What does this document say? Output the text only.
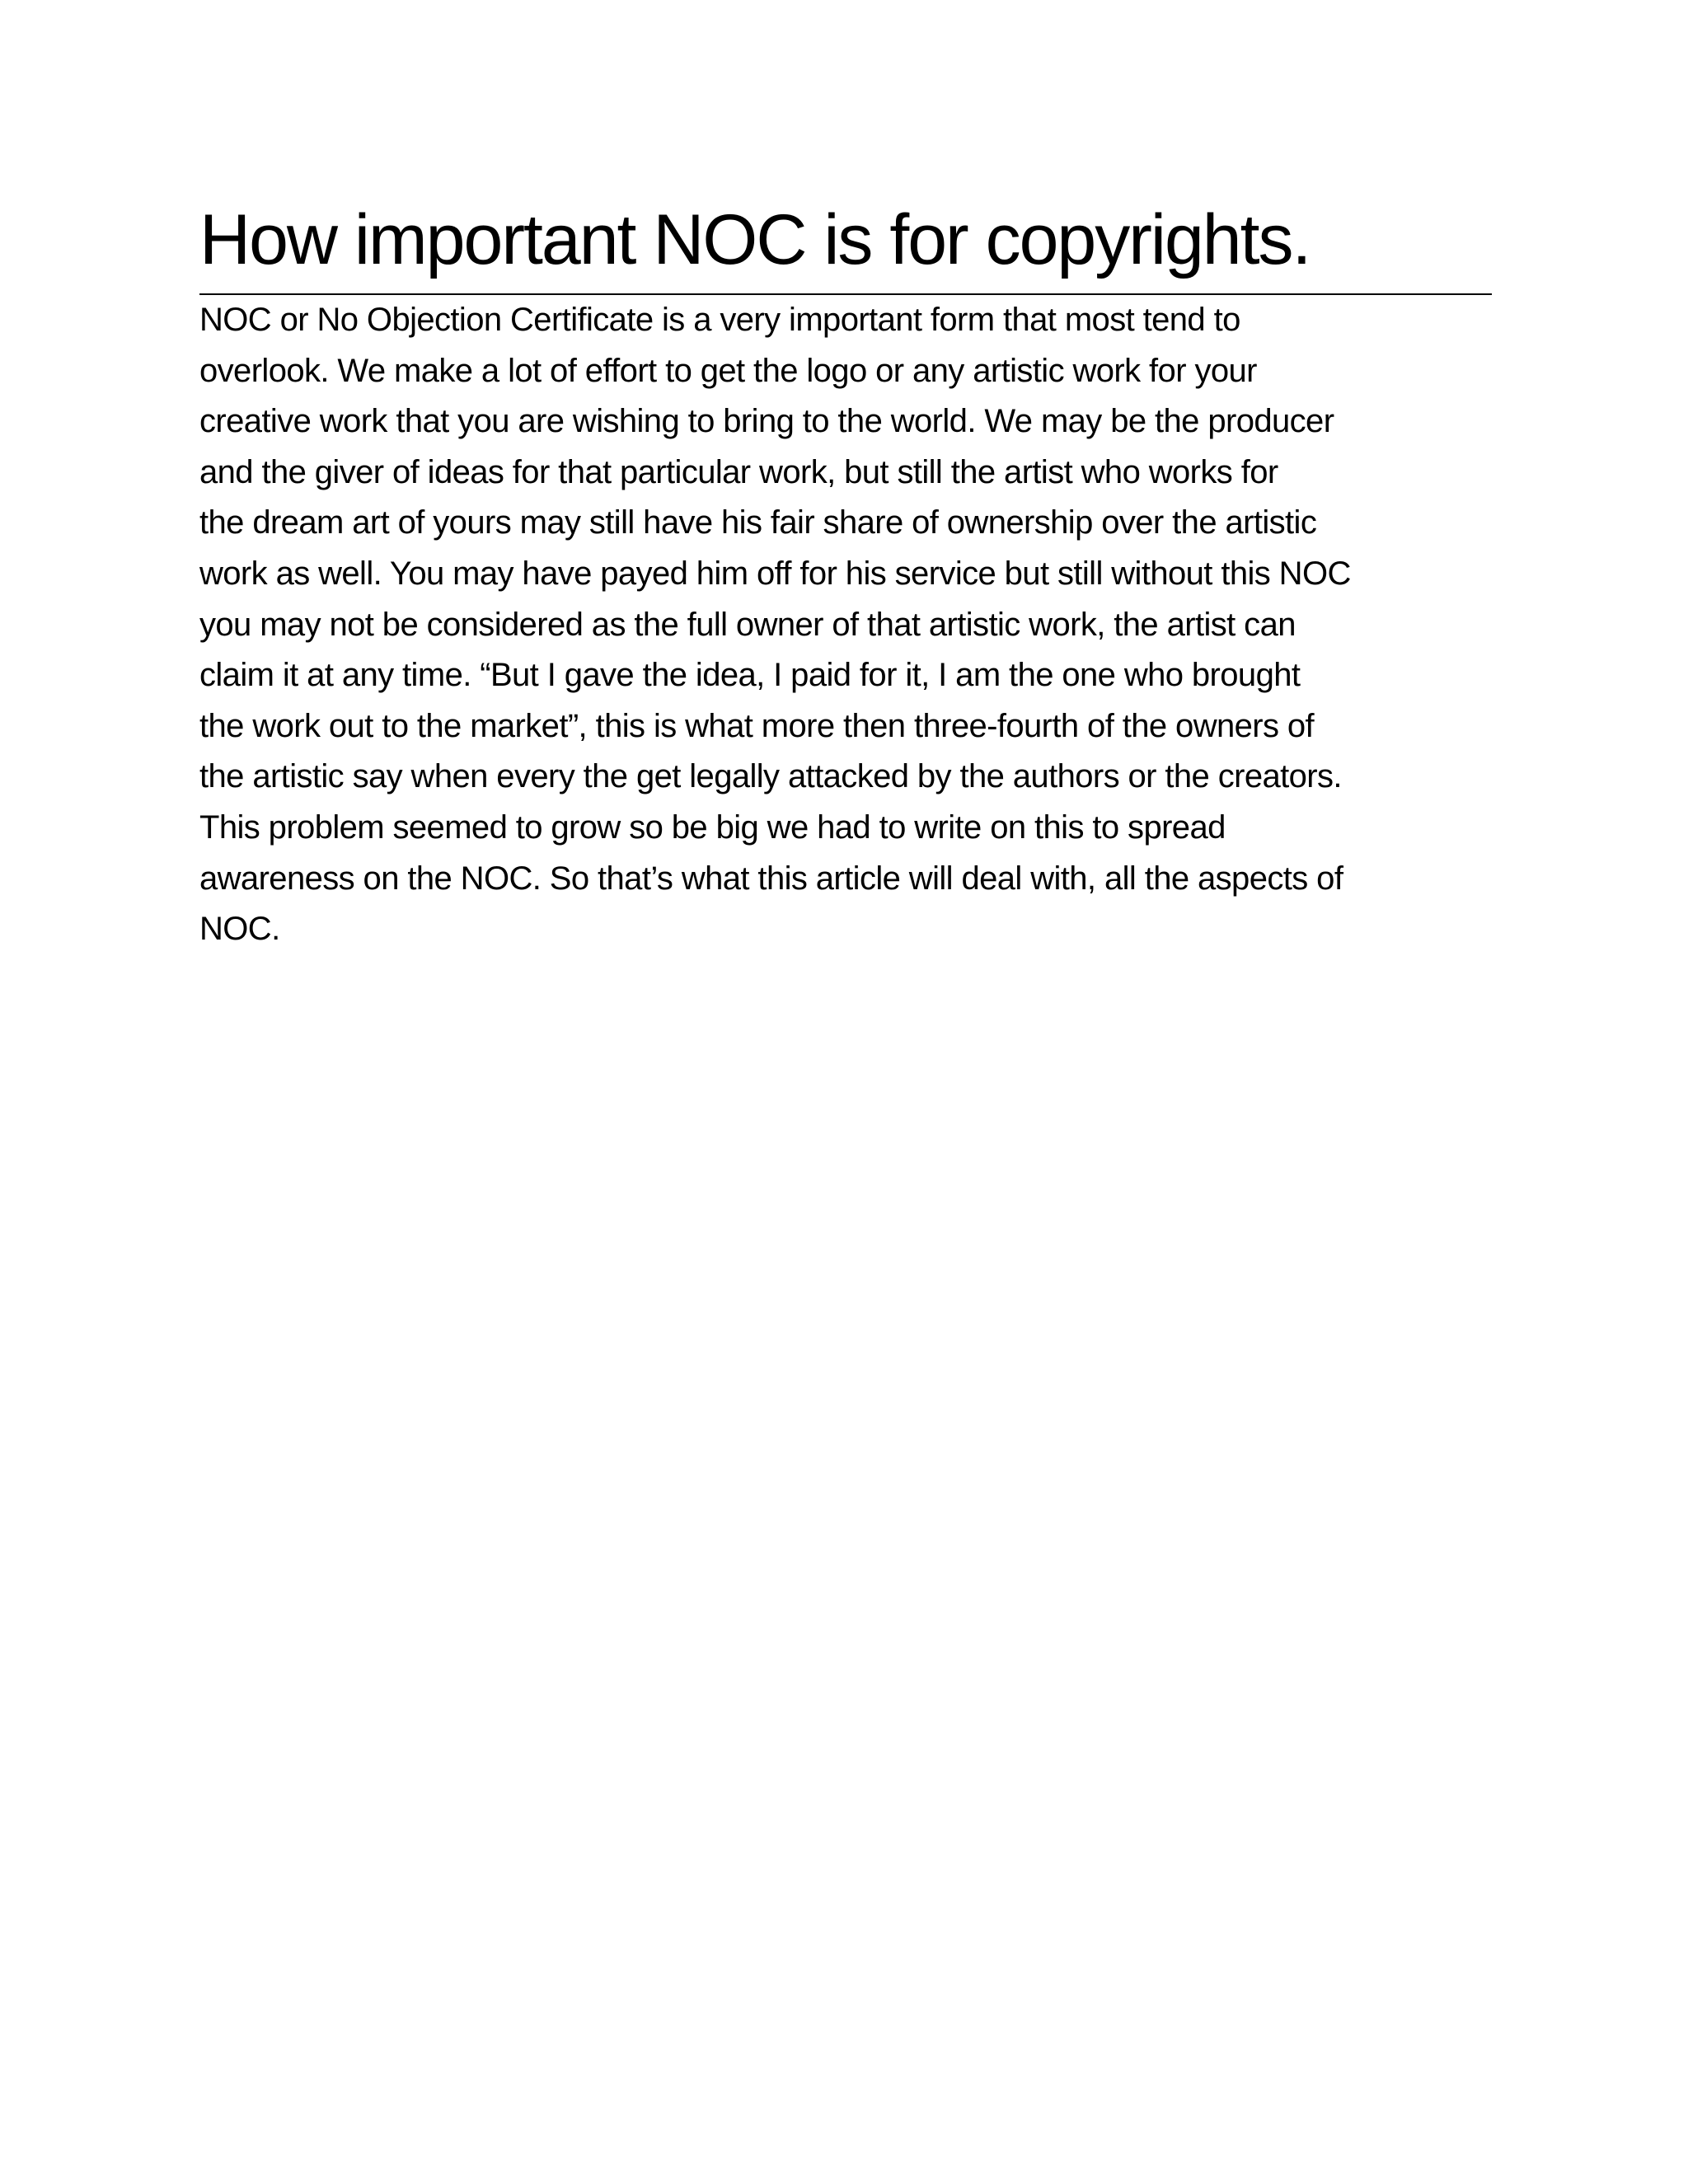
How important NOC is for copyrights.
NOC or No Objection Certificate is a very important form that most tend to
overlook. We make a lot of effort to get the logo or any artistic work for your
creative work that you are wishing to bring to the world. We may be the producer
and the giver of ideas for that particular work, but still the artist who works for
the dream art of yours may still have his fair share of ownership over the artistic
work as well. You may have payed him off for his service but still without this NOC
you may not be considered as the full owner of that artistic work, the artist can
claim it at any time. “But I gave the idea, I paid for it, I am the one who brought
the work out to the market”, this is what more then three-fourth of the owners of
the artistic say when every the get legally attacked by the authors or the creators.
This problem seemed to grow so be big we had to write on this to spread
awareness on the NOC. So that’s what this article will deal with, all the aspects of
NOC.
